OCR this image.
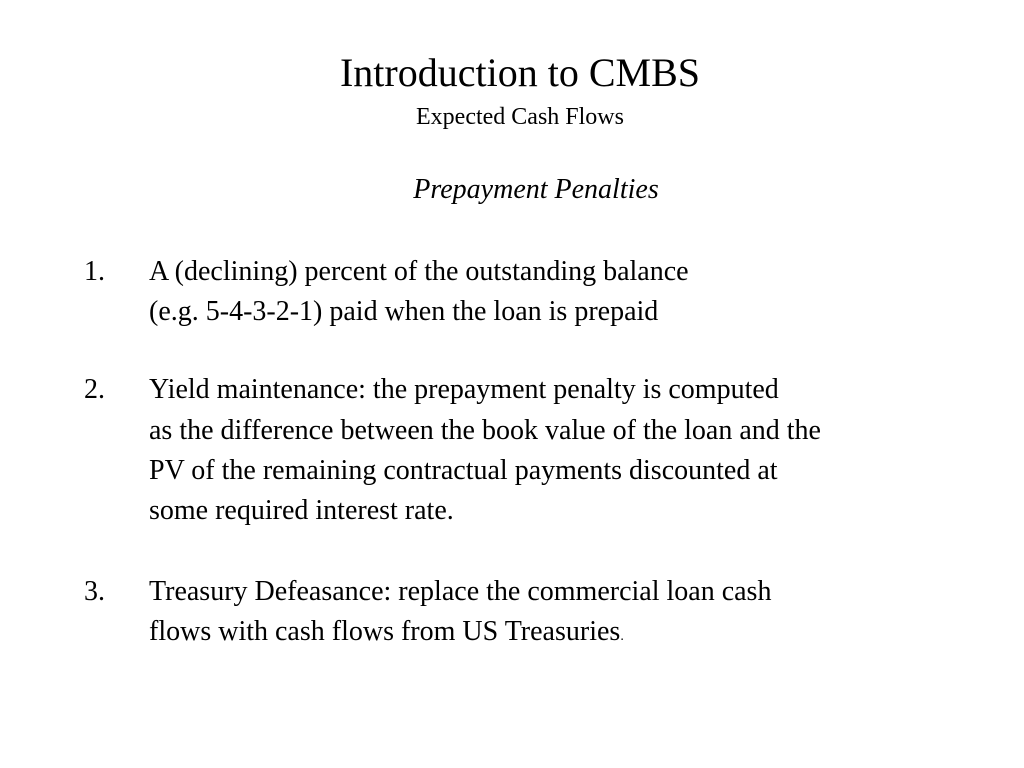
Introduction to CMBS
Expected Cash Flows
Prepayment Penalties
1. A (declining) percent of the outstanding balance
(e.g. 5-4-3-2-1) paid when the loan is prepaid
2. Yield maintenance: the prepayment penalty is computed
as the difference between the book value of the loan and the
PV of the remaining contractual payments discounted at
some required interest rate.
3. Treasury Defeasance: replace the commercial loan cash
flows with cash flows from US Treasuries.
